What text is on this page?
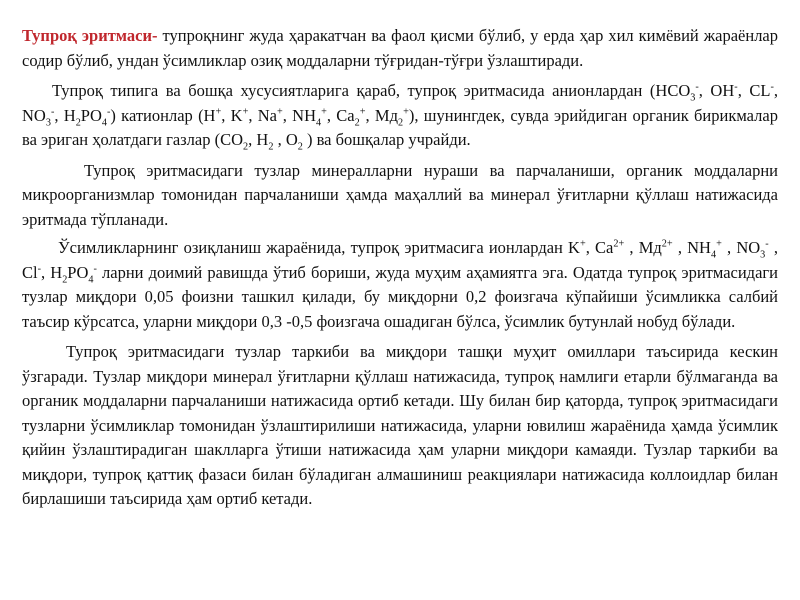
Тупроқ эритмаси- тупроқнинг жуда ҳаракатчан ва фаол қисми бўлиб, у ерда ҳар хил кимёвий жараёнлар содир бўлиб, ундан ўсимликлар озиқ моддаларни тўғридан-тўғри ўзлаштиради.

Тупроқ типига ва бошқа хусусиятларига қараб, тупроқ эритмасида анионлардан ($HCO_3^-$, OH-, CL-, $NO_3^-$, $H_2PO_4^-$) катионлар (H+, K+, Na+, $NH_4^+$, $Ca_2^+$, $Mд_2^+$), шунингдек, сувда эрийдиган органик бирикмалар ва эриган ҳолатдаги газлар ($CO_2$, $H_2$ , $O_2$ ) ва бошқалар учрайди.

Тупроқ эритмасидаги тузлар минералларни нураши ва парчаланиши, органик моддаларни микроорганизмлар томонидан парчаланиши ҳамда маҳаллий ва минерал ўғитларни қўллаш натижасида эритмада тўпланади.

Ўсимликларнинг озиқланиш жараёнида, тупроқ эритмасига ионлардан K+, $Ca^{2+}$ , $Mд^{2+}$ , $NH_4^+$ , $NO_3^-$ , Cl-, $H_2PO_4^-$ ларни доимий равишда ўтиб бориши, жуда муҳим аҳамиятга эга. Одатда тупроқ эритмасидаги тузлар миқдори 0,05 фоизни ташкил қилади, бу миқдорни 0,2 фоизгача кўпайиши ўсимликка салбий таъсир кўрсатса, уларни миқдори 0,3 -0,5 фоизгача ошадиган бўлса, ўсимлик бутунлай нобуд бўлади.

Тупроқ эритмасидаги тузлар таркиби ва миқдори ташқи муҳит омиллари таъсирида кескин ўзгаради. Тузлар миқдори минерал ўғитларни қўллаш натижасида, тупроқ намлиги етарли бўлмаганда ва органик моддаларни парчаланиши натижасида ортиб кетади. Шу билан бир қаторда, тупроқ эритмасидаги тузларни ўсимликлар томонидан ўзлаштирилиши натижасида, уларни ювилиш жараёнида ҳамда ўсимлик қийин ўзлаштирадиган шаклларга ўтиши натижасида ҳам уларни миқдори камаяди. Тузлар таркиби ва миқдори, тупроқ қаттиқ фазаси билан бўладиган алмашиниш реакциялари натижасида коллоидлар билан бирлашиши таъсирида ҳам ортиб кетади.
